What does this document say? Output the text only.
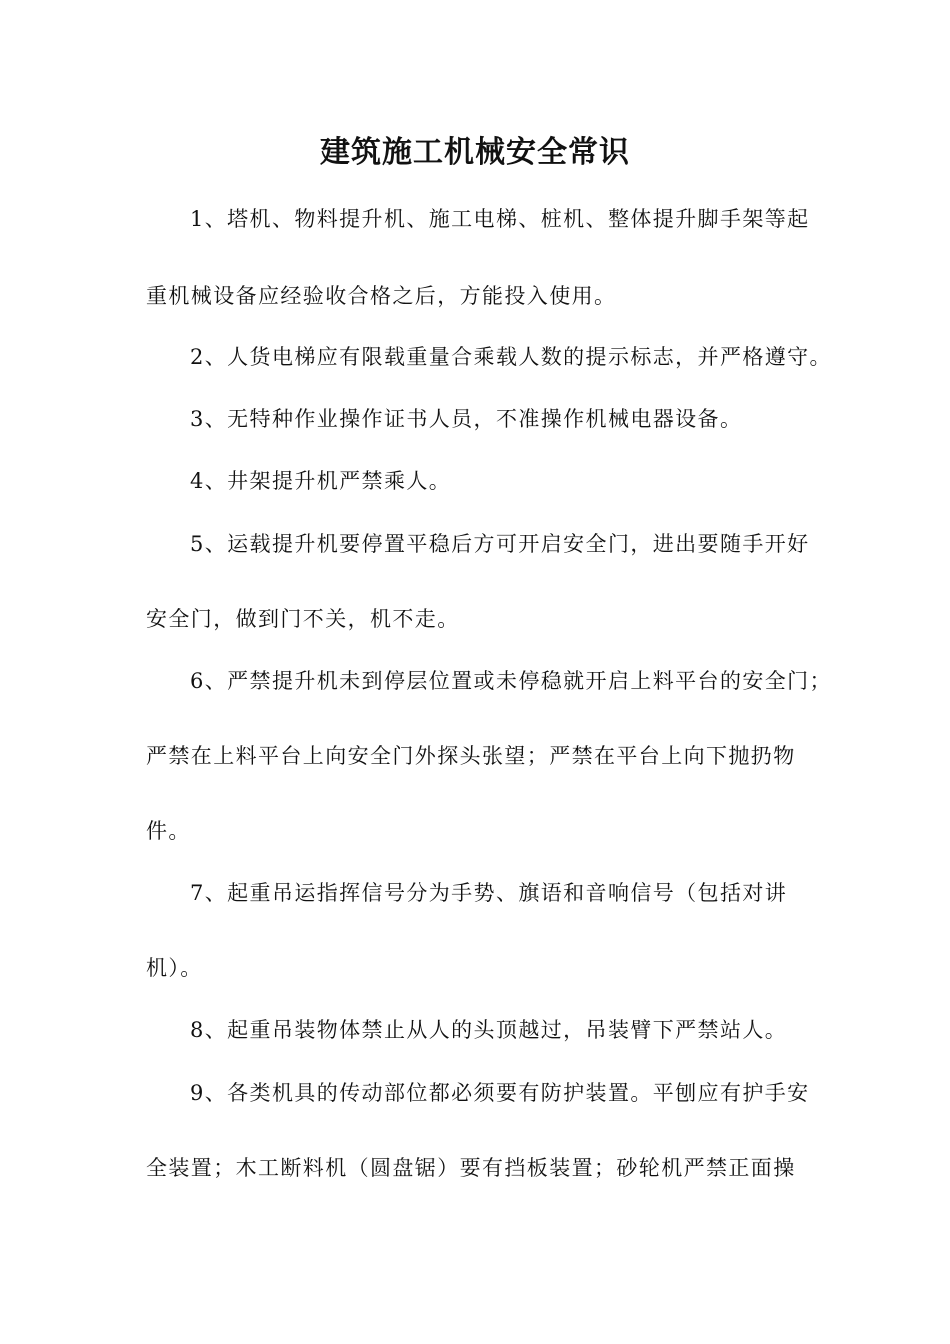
建筑施工机械安全常识
1、塔机、物料提升机、施工电梯、桩机、整体提升脚手架等起
重机械设备应经验收合格之后，方能投入使用。
2、人货电梯应有限载重量合乘载人数的提示标志，并严格遵守。
3、无特种作业操作证书人员，不准操作机械电器设备。
4、井架提升机严禁乘人。
5、运载提升机要停置平稳后方可开启安全门，进出要随手开好
安全门，做到门不关，机不走。
6、严禁提升机未到停层位置或未停稳就开启上料平台的安全门；
严禁在上料平台上向安全门外探头张望；严禁在平台上向下抛扔物
件。
7、起重吊运指挥信号分为手势、旗语和音响信号（包括对讲
机）。
8、起重吊装物体禁止从人的头顶越过，吊装臂下严禁站人。
9、各类机具的传动部位都必须要有防护装置。平刨应有护手安
全装置；木工断料机（圆盘锯）要有挡板装置；砂轮机严禁正面操
